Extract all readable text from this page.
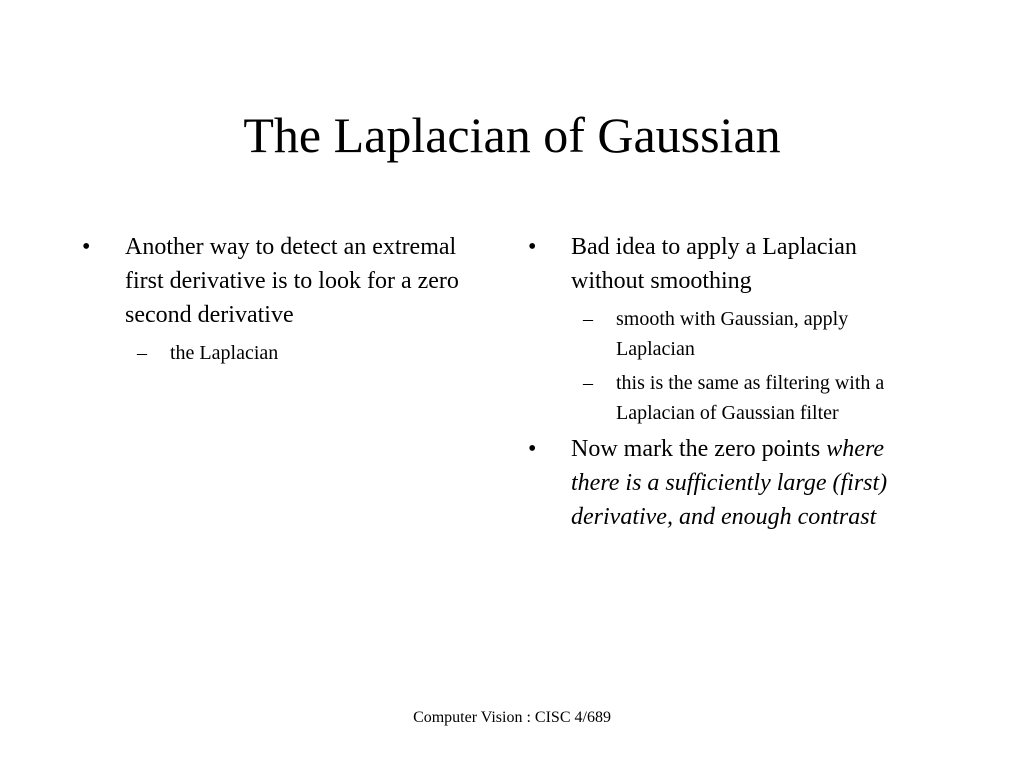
The Laplacian of Gaussian
•	Another way to detect an extremal first derivative is to look for a zero second derivative
– the Laplacian
•	Bad idea to apply a Laplacian without smoothing
– smooth with Gaussian, apply Laplacian
– this is the same as filtering with a Laplacian of Gaussian filter
•	Now mark the zero points where there is a sufficiently large (first) derivative, and enough contrast
Computer Vision : CISC 4/689
